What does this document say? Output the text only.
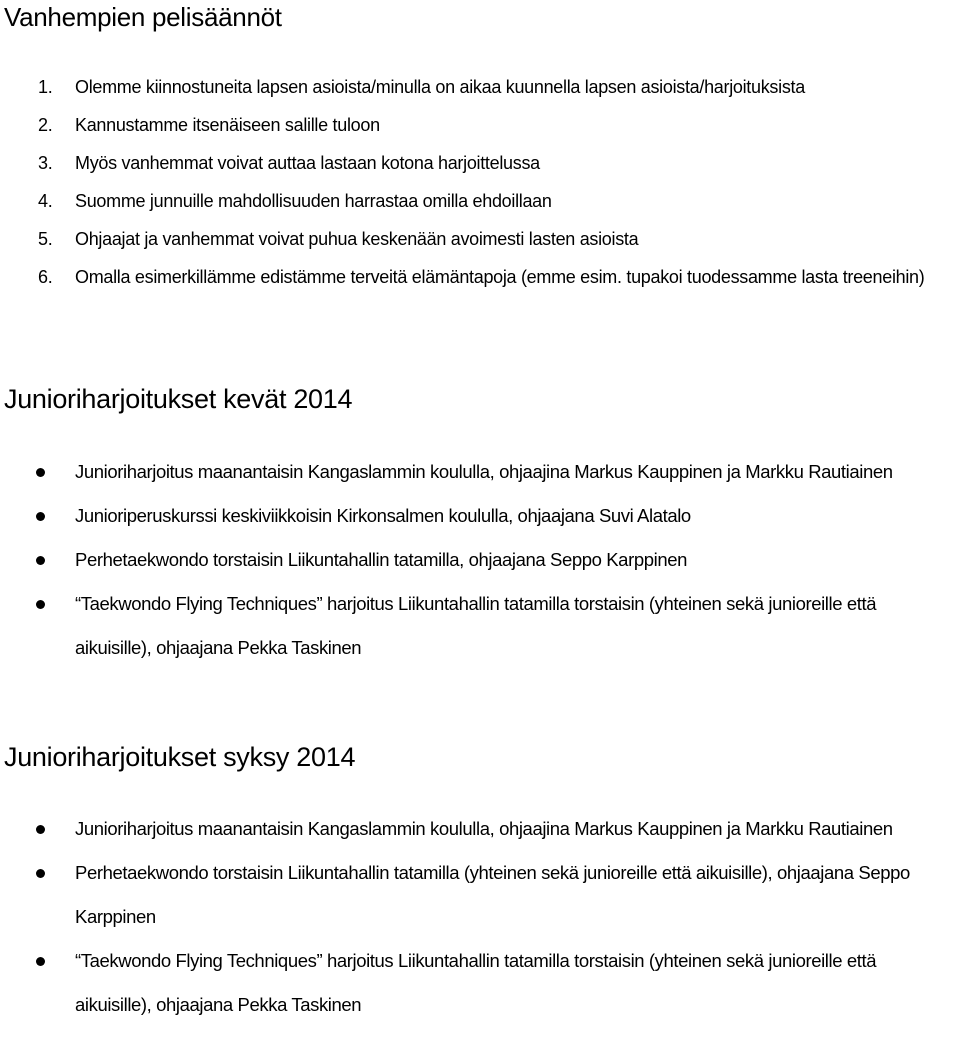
Vanhempien pelisäännöt
1. Olemme kiinnostuneita lapsen asioista/minulla on aikaa kuunnella lapsen asioista/harjoituksista
2. Kannustamme itsenäiseen salille tuloon
3. Myös vanhemmat voivat auttaa lastaan kotona harjoittelussa
4. Suomme junnuille mahdollisuuden harrastaa omilla ehdoillaan
5. Ohjaajat ja vanhemmat voivat puhua keskenään avoimesti lasten asioista
6. Omalla esimerkillämme edistämme terveitä elämäntapoja (emme esim. tupakoi tuodessamme lasta treeneihin)
Junioriharjoitukset kevät 2014
Junioriharjoitus maanantaisin Kangaslammin koululla, ohjaajina Markus Kauppinen ja Markku Rautiainen
Junioriperuskurssi keskiviikkoisin Kirkonsalmen koululla, ohjaajana Suvi Alatalo
Perhetaekwondo torstaisin Liikuntahallin tatamilla, ohjaajana Seppo Karppinen
“Taekwondo Flying Techniques” harjoitus Liikuntahallin tatamilla torstaisin (yhteinen sekä junioreille että aikuisille), ohjaajana Pekka Taskinen
Junioriharjoitukset syksy 2014
Junioriharjoitus maanantaisin Kangaslammin koululla, ohjaajina Markus Kauppinen ja Markku Rautiainen
Perhetaekwondo torstaisin Liikuntahallin tatamilla (yhteinen sekä junioreille että aikuisille), ohjaajana Seppo Karppinen
“Taekwondo Flying Techniques” harjoitus Liikuntahallin tatamilla torstaisin (yhteinen sekä junioreille että aikuisille), ohjaajana Pekka Taskinen
